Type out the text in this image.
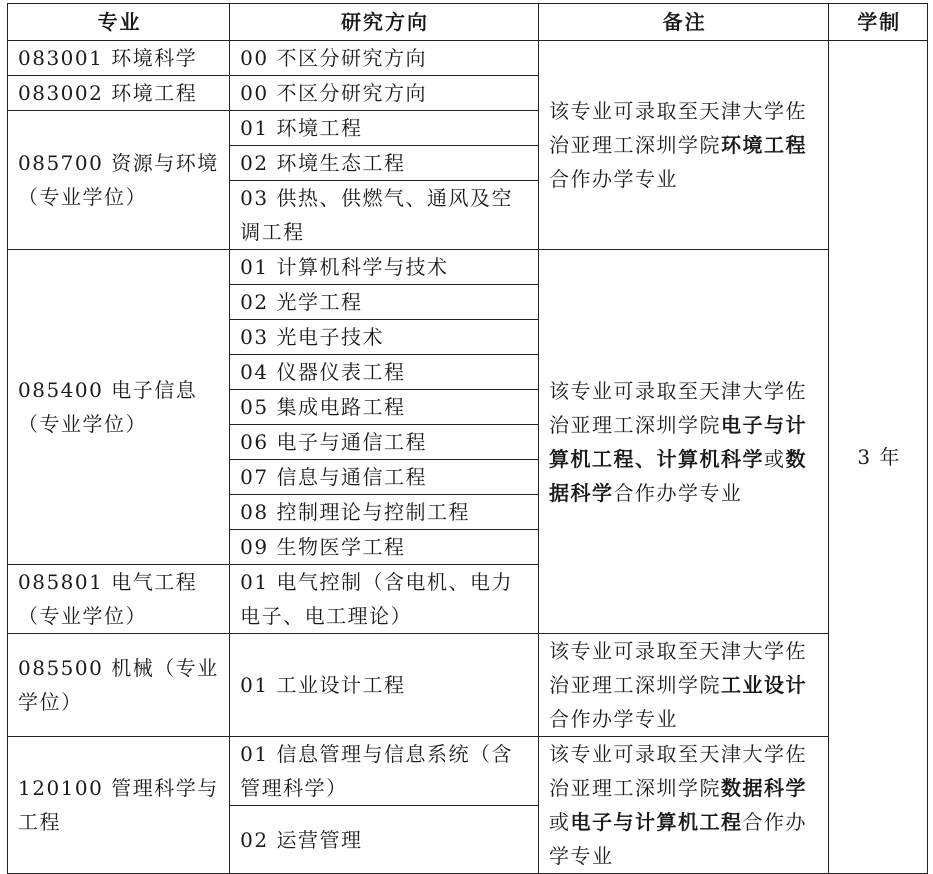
专业	研究方向	备注	学制
083001 环境科学	00 不区分研究方向	该专业可录取至天津大学佐治亚理工深圳学院环境工程合作办学专业	3 年
083002 环境工程	00 不区分研究方向		
085700 资源与环境（专业学位）	01 环境工程		
	02 环境生态工程		
	03 供热、供燃气、通风及空调工程		
085400 电子信息（专业学位）	01 计算机科学与技术	该专业可录取至天津大学佐治亚理工深圳学院电子与计算机工程、计算机科学或数据科学合作办学专业	
	02 光学工程		
	03 光电子技术		
	04 仪器仪表工程		
	05 集成电路工程		
	06 电子与通信工程		
	07 信息与通信工程		
	08 控制理论与控制工程		
	09 生物医学工程		
085801 电气工程（专业学位）	01 电气控制（含电机、电力电子、电工理论）		
085500 机械（专业学位）	01 工业设计工程	该专业可录取至天津大学佐治亚理工深圳学院工业设计合作办学专业	
120100 管理科学与工程	01 信息管理与信息系统（含管理科学）	该专业可录取至天津大学佐治亚理工深圳学院数据科学或电子与计算机工程合作办学专业	
	02 运营管理		
